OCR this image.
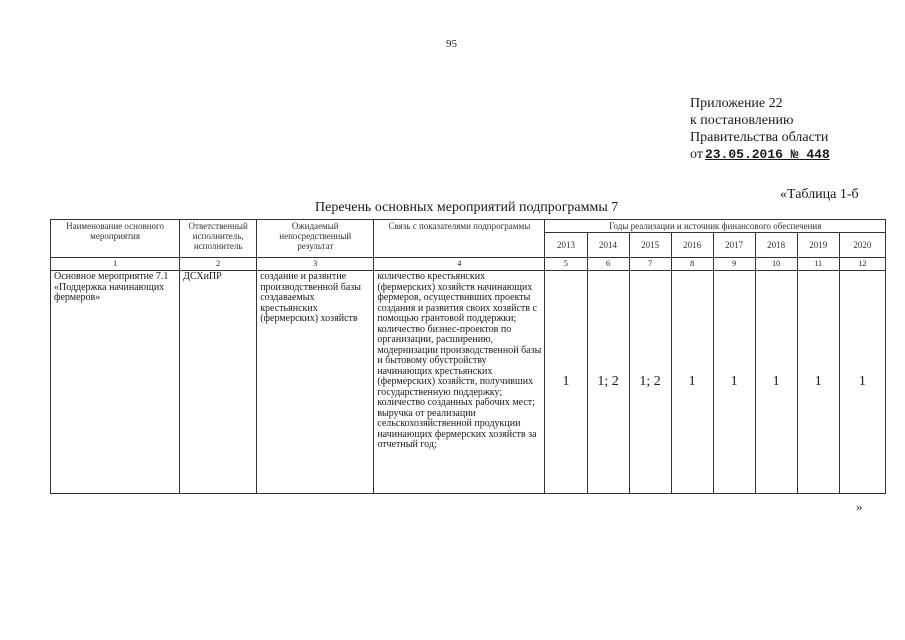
95
Приложение 22
к постановлению
Правительства области
от 23.05.2016 № 448
«Таблица 1-б
Перечень основных мероприятий подпрограммы 7
Наименование основного мероприятия	Ответственный исполнитель, исполнитель	Ожидаемый непосредственный результат	Связь с показателями подпрограммы	Годы реализации и источник финансового обеспечения							
				2013	2014	2015	2016	2017	2018	2019	2020
1	2	3	4	5	6	7	8	9	10	11	12
Основное мероприятие 7.1 «Поддержка начинающих фермеров»	ДСХиПР	создание и развитие производственной базы создаваемых крестьянских (фермерских) хозяйств	количество крестьянских (фермерских) хозяйств начинающих фермеров, осуществивших проекты создания и развития своих хозяйств с помощью грантовой поддержки; количество бизнес-проектов по организации, расширению, модернизации производственной базы и бытовому обустройству начинающих крестьянских (фермерских) хозяйств, получивших государственную поддержку; количество созданных рабочих мест; выручка от реализации сельскохозяйственной продукции начинающих фермерских хозяйств за отчетный год;	1	1; 2	1; 2	1	1	1	1	1
»
